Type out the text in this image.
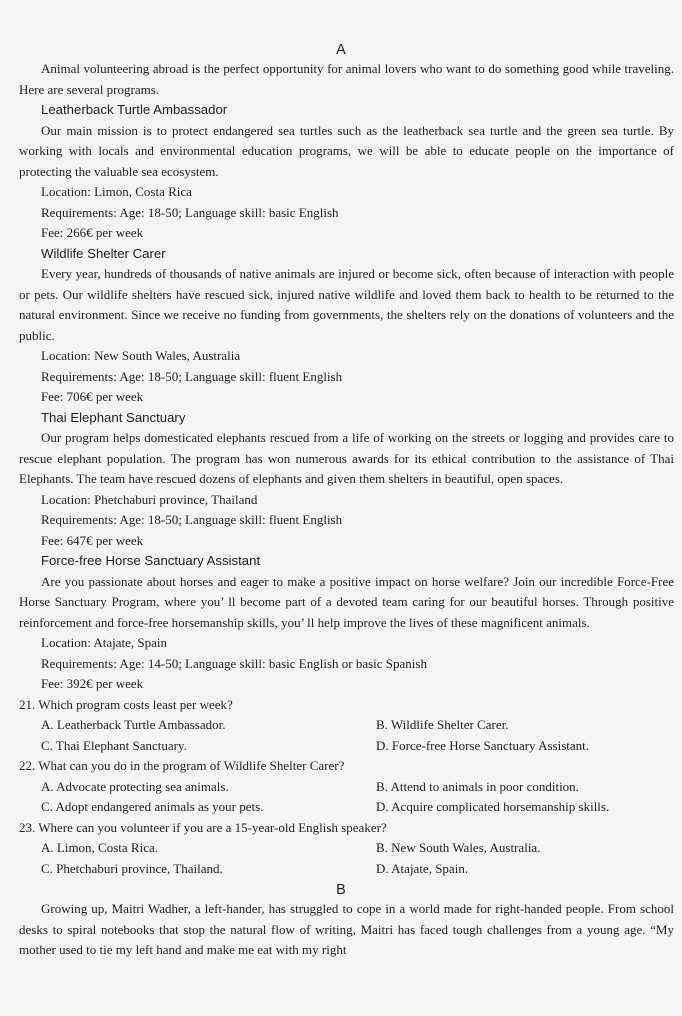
A

Animal volunteering abroad is the perfect opportunity for animal lovers who want to do something good while traveling. Here are several programs.

Leatherback Turtle Ambassador

Our main mission is to protect endangered sea turtles such as the leatherback sea turtle and the green sea turtle. By working with locals and environmental education programs, we will be able to educate people on the importance of protecting the valuable sea ecosystem.

Location: Limon, Costa Rica
Requirements: Age: 18-50; Language skill: basic English
Fee: 266€ per week
Wildlife Shelter Carer

Every year, hundreds of thousands of native animals are injured or become sick, often because of interaction with people or pets. Our wildlife shelters have rescued sick, injured native wildlife and loved them back to health to be returned to the natural environment. Since we receive no funding from governments, the shelters rely on the donations of volunteers and the public.

Location: New South Wales, Australia
Requirements: Age: 18-50; Language skill: fluent English
Fee: 706€ per week
Thai Elephant Sanctuary

Our program helps domesticated elephants rescued from a life of working on the streets or logging and provides care to rescue elephant population. The program has won numerous awards for its ethical contribution to the assistance of Thai Elephants. The team have rescued dozens of elephants and given them shelters in beautiful, open spaces.

Location: Phetchaburi province, Thailand
Requirements: Age: 18-50; Language skill: fluent English
Fee: 647€ per week
Force-free Horse Sanctuary Assistant

Are you passionate about horses and eager to make a positive impact on horse welfare? Join our incredible Force-Free Horse Sanctuary Program, where you’ ll become part of a devoted team caring for our beautiful horses. Through positive reinforcement and force-free horsemanship skills, you’ ll help improve the lives of these magnificent animals.

Location: Atajate, Spain
Requirements: Age: 14-50; Language skill: basic English or basic Spanish
Fee: 392€ per week
21. Which program costs least per week?
A. Leatherback Turtle Ambassador.	B. Wildlife Shelter Carer.
C. Thai Elephant Sanctuary.	D. Force-free Horse Sanctuary Assistant.
22. What can you do in the program of Wildlife Shelter Carer?
A. Advocate protecting sea animals.	B. Attend to animals in poor condition.
C. Adopt endangered animals as your pets.	D. Acquire complicated horsemanship skills.
23. Where can you volunteer if you are a 15-year-old English speaker?
A. Limon, Costa Rica.	B. New South Wales, Australia.
C. Phetchaburi province, Thailand.	D. Atajate, Spain.
B

Growing up, Maitri Wadher, a left-hander, has struggled to cope in a world made for right-handed people. From school desks to spiral notebooks that stop the natural flow of writing, Maitri has faced tough challenges from a young age. “My mother used to tie my left hand and make me eat with my right
